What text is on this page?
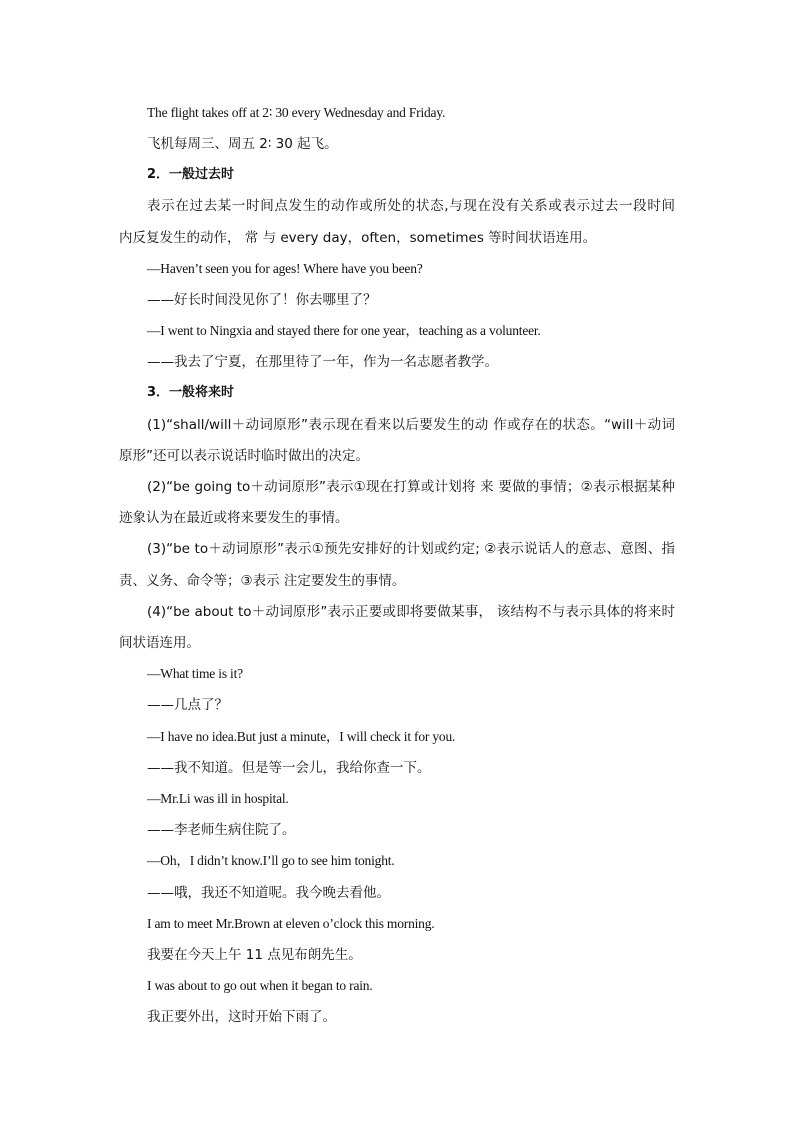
The flight takes off at 2∶ 30 every Wednesday and Friday.
飞机每周三、周五 2∶ 30 起飞。
2．一般过去时
表示在过去某一时间点发生的动作或所处的状态,与现在没有关系或表示过去一段时间
内反复发生的动作， 常 与 every day，often，sometimes 等时间状语连用。
—Haven’t seen you for ages! Where have you been?
——好长时间没见你了！你去哪里了？
—I went to Ningxia and stayed there for one year，teaching as a volunteer.
——我去了宁夏，在那里待了一年，作为一名志愿者教学。
3．一般将来时
(1)“shall/will＋动词原形”表示现在看来以后要发生的动 作或存在的状态。“will＋动词
原形”还可以表示说话时临时做出的决定。
(2)“be going to＋动词原形”表示①现在打算或计划将 来 要做的事情；②表示根据某种
迹象认为在最近或将来要发生的事情。
(3)“be to＋动词原形”表示①预先安排好的计划或约定; ②表示说话人的意志、意图、指
责、义务、命令等；③表示 注定要发生的事情。
(4)“be about to＋动词原形”表示正要或即将要做某事， 该结构不与表示具体的将来时
间状语连用。
—What time is it?
——几点了？
—I have no idea.But just a minute，I will check it for you.
——我不知道。但是等一会儿，我给你查一下。
—Mr.Li was ill in hospital.
——李老师生病住院了。
—Oh，I didn’t know.I’ll go to see him tonight.
——哦，我还不知道呢。我今晚去看他。
I am to meet Mr.Brown at eleven o’clock this morning.
我要在今天上午 11 点见布朗先生。
I was about to go out when it began to rain.
我正要外出，这时开始下雨了。
